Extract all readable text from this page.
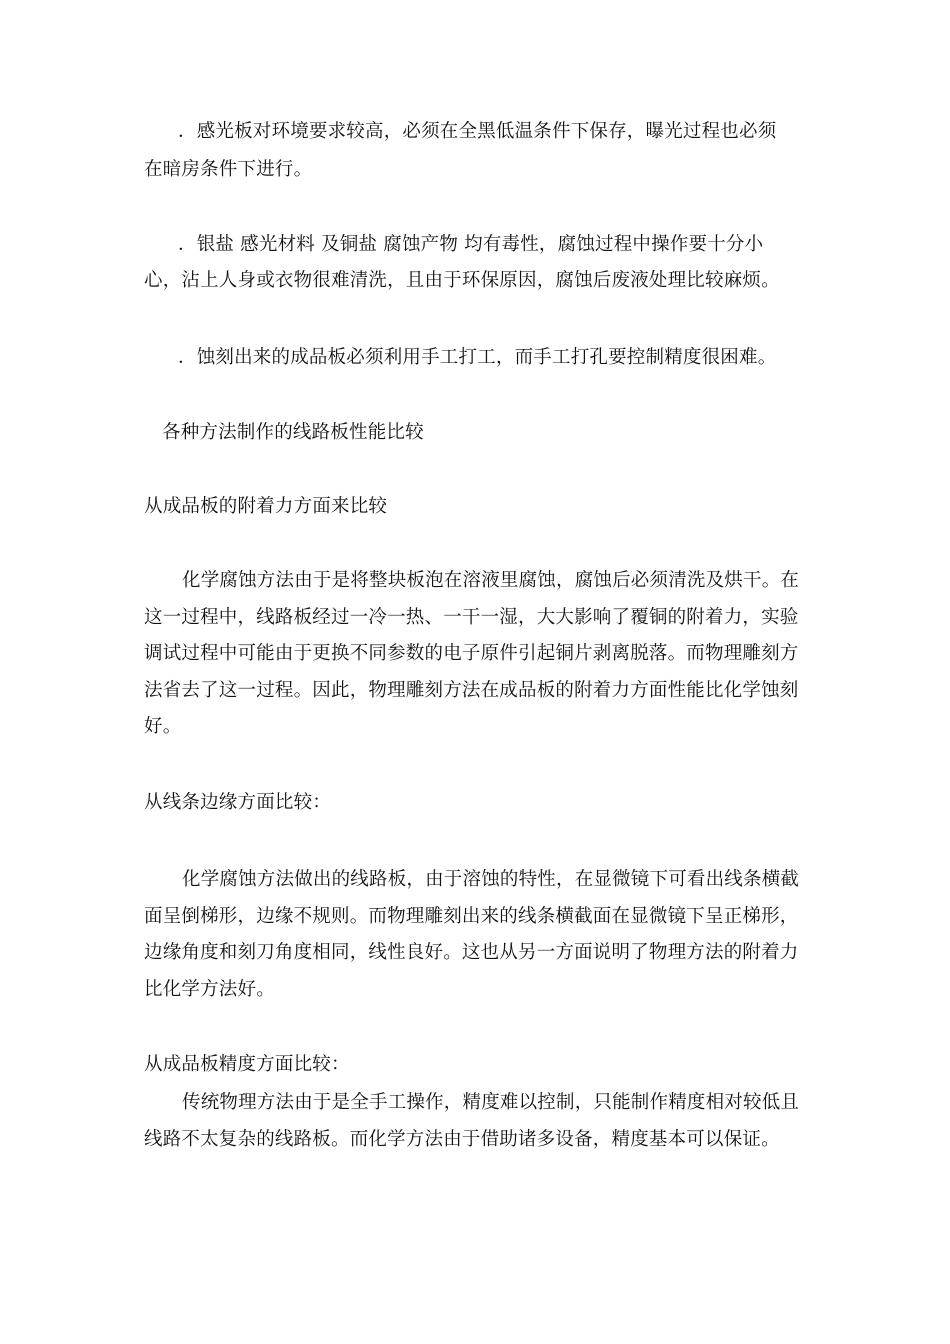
．感光板对环境要求较高，必须在全黑低温条件下保存，曝光过程也必须
在暗房条件下进行。
．银盐 感光材料 及铜盐 腐蚀产物 均有毒性，腐蚀过程中操作要十分小
心，沾上人身或衣物很难清洗，且由于环保原因，腐蚀后废液处理比较麻烦。
．蚀刻出来的成品板必须利用手工打工，而手工打孔要控制精度很困难。
各种方法制作的线路板性能比较
从成品板的附着力方面来比较
化学腐蚀方法由于是将整块板泡在溶液里腐蚀，腐蚀后必须清洗及烘干。在
这一过程中，线路板经过一冷一热、一干一湿，大大影响了覆铜的附着力，实验
调试过程中可能由于更换不同参数的电子原件引起铜片剥离脱落。而物理雕刻方
法省去了这一过程。因此，物理雕刻方法在成品板的附着力方面性能比化学蚀刻
好。
从线条边缘方面比较：
化学腐蚀方法做出的线路板，由于溶蚀的特性，在显微镜下可看出线条横截
面呈倒梯形，边缘不规则。而物理雕刻出来的线条横截面在显微镜下呈正梯形，
边缘角度和刻刀角度相同，线性良好。这也从另一方面说明了物理方法的附着力
比化学方法好。
从成品板精度方面比较：
传统物理方法由于是全手工操作，精度难以控制，只能制作精度相对较低且
线路不太复杂的线路板。而化学方法由于借助诸多设备，精度基本可以保证。
